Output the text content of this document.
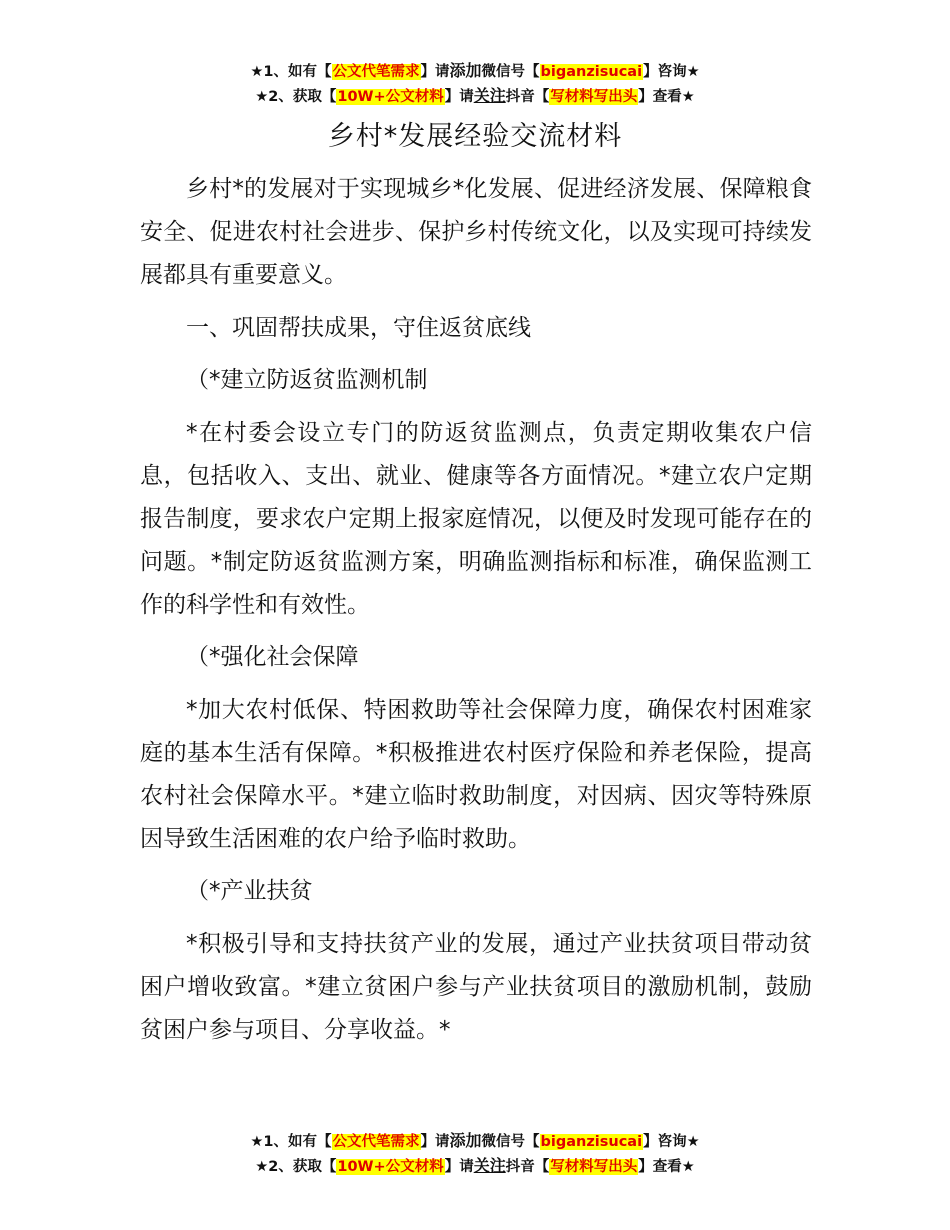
★1、如有【公文代笔需求】请添加微信号【biganzisucai】咨询★
★2、获取【10W+公文材料】请关注抖音【写材料写出头】查看★
乡村*发展经验交流材料

乡村*的发展对于实现城乡*化发展、促进经济发展、保障粮食安全、促进农村社会进步、保护乡村传统文化，以及实现可持续发展都具有重要意义。

一、巩固帮扶成果，守住返贫底线

（*建立防返贫监测机制

*在村委会设立专门的防返贫监测点，负责定期收集农户信息，包括收入、支出、就业、健康等各方面情况。*建立农户定期报告制度，要求农户定期上报家庭情况，以便及时发现可能存在的问题。*制定防返贫监测方案，明确监测指标和标准，确保监测工作的科学性和有效性。

（*强化社会保障

*加大农村低保、特困救助等社会保障力度，确保农村困难家庭的基本生活有保障。*积极推进农村医疗保险和养老保险，提高农村社会保障水平。*建立临时救助制度，对因病、因灾等特殊原因导致生活困难的农户给予临时救助。

（*产业扶贫

*积极引导和支持扶贫产业的发展，通过产业扶贫项目带动贫困户增收致富。*建立贫困户参与产业扶贫项目的激励机制，鼓励贫困户参与项目、分享收益。*

★1、如有【公文代笔需求】请添加微信号【biganzisucai】咨询★
★2、获取【10W+公文材料】请关注抖音【写材料写出头】查看★
